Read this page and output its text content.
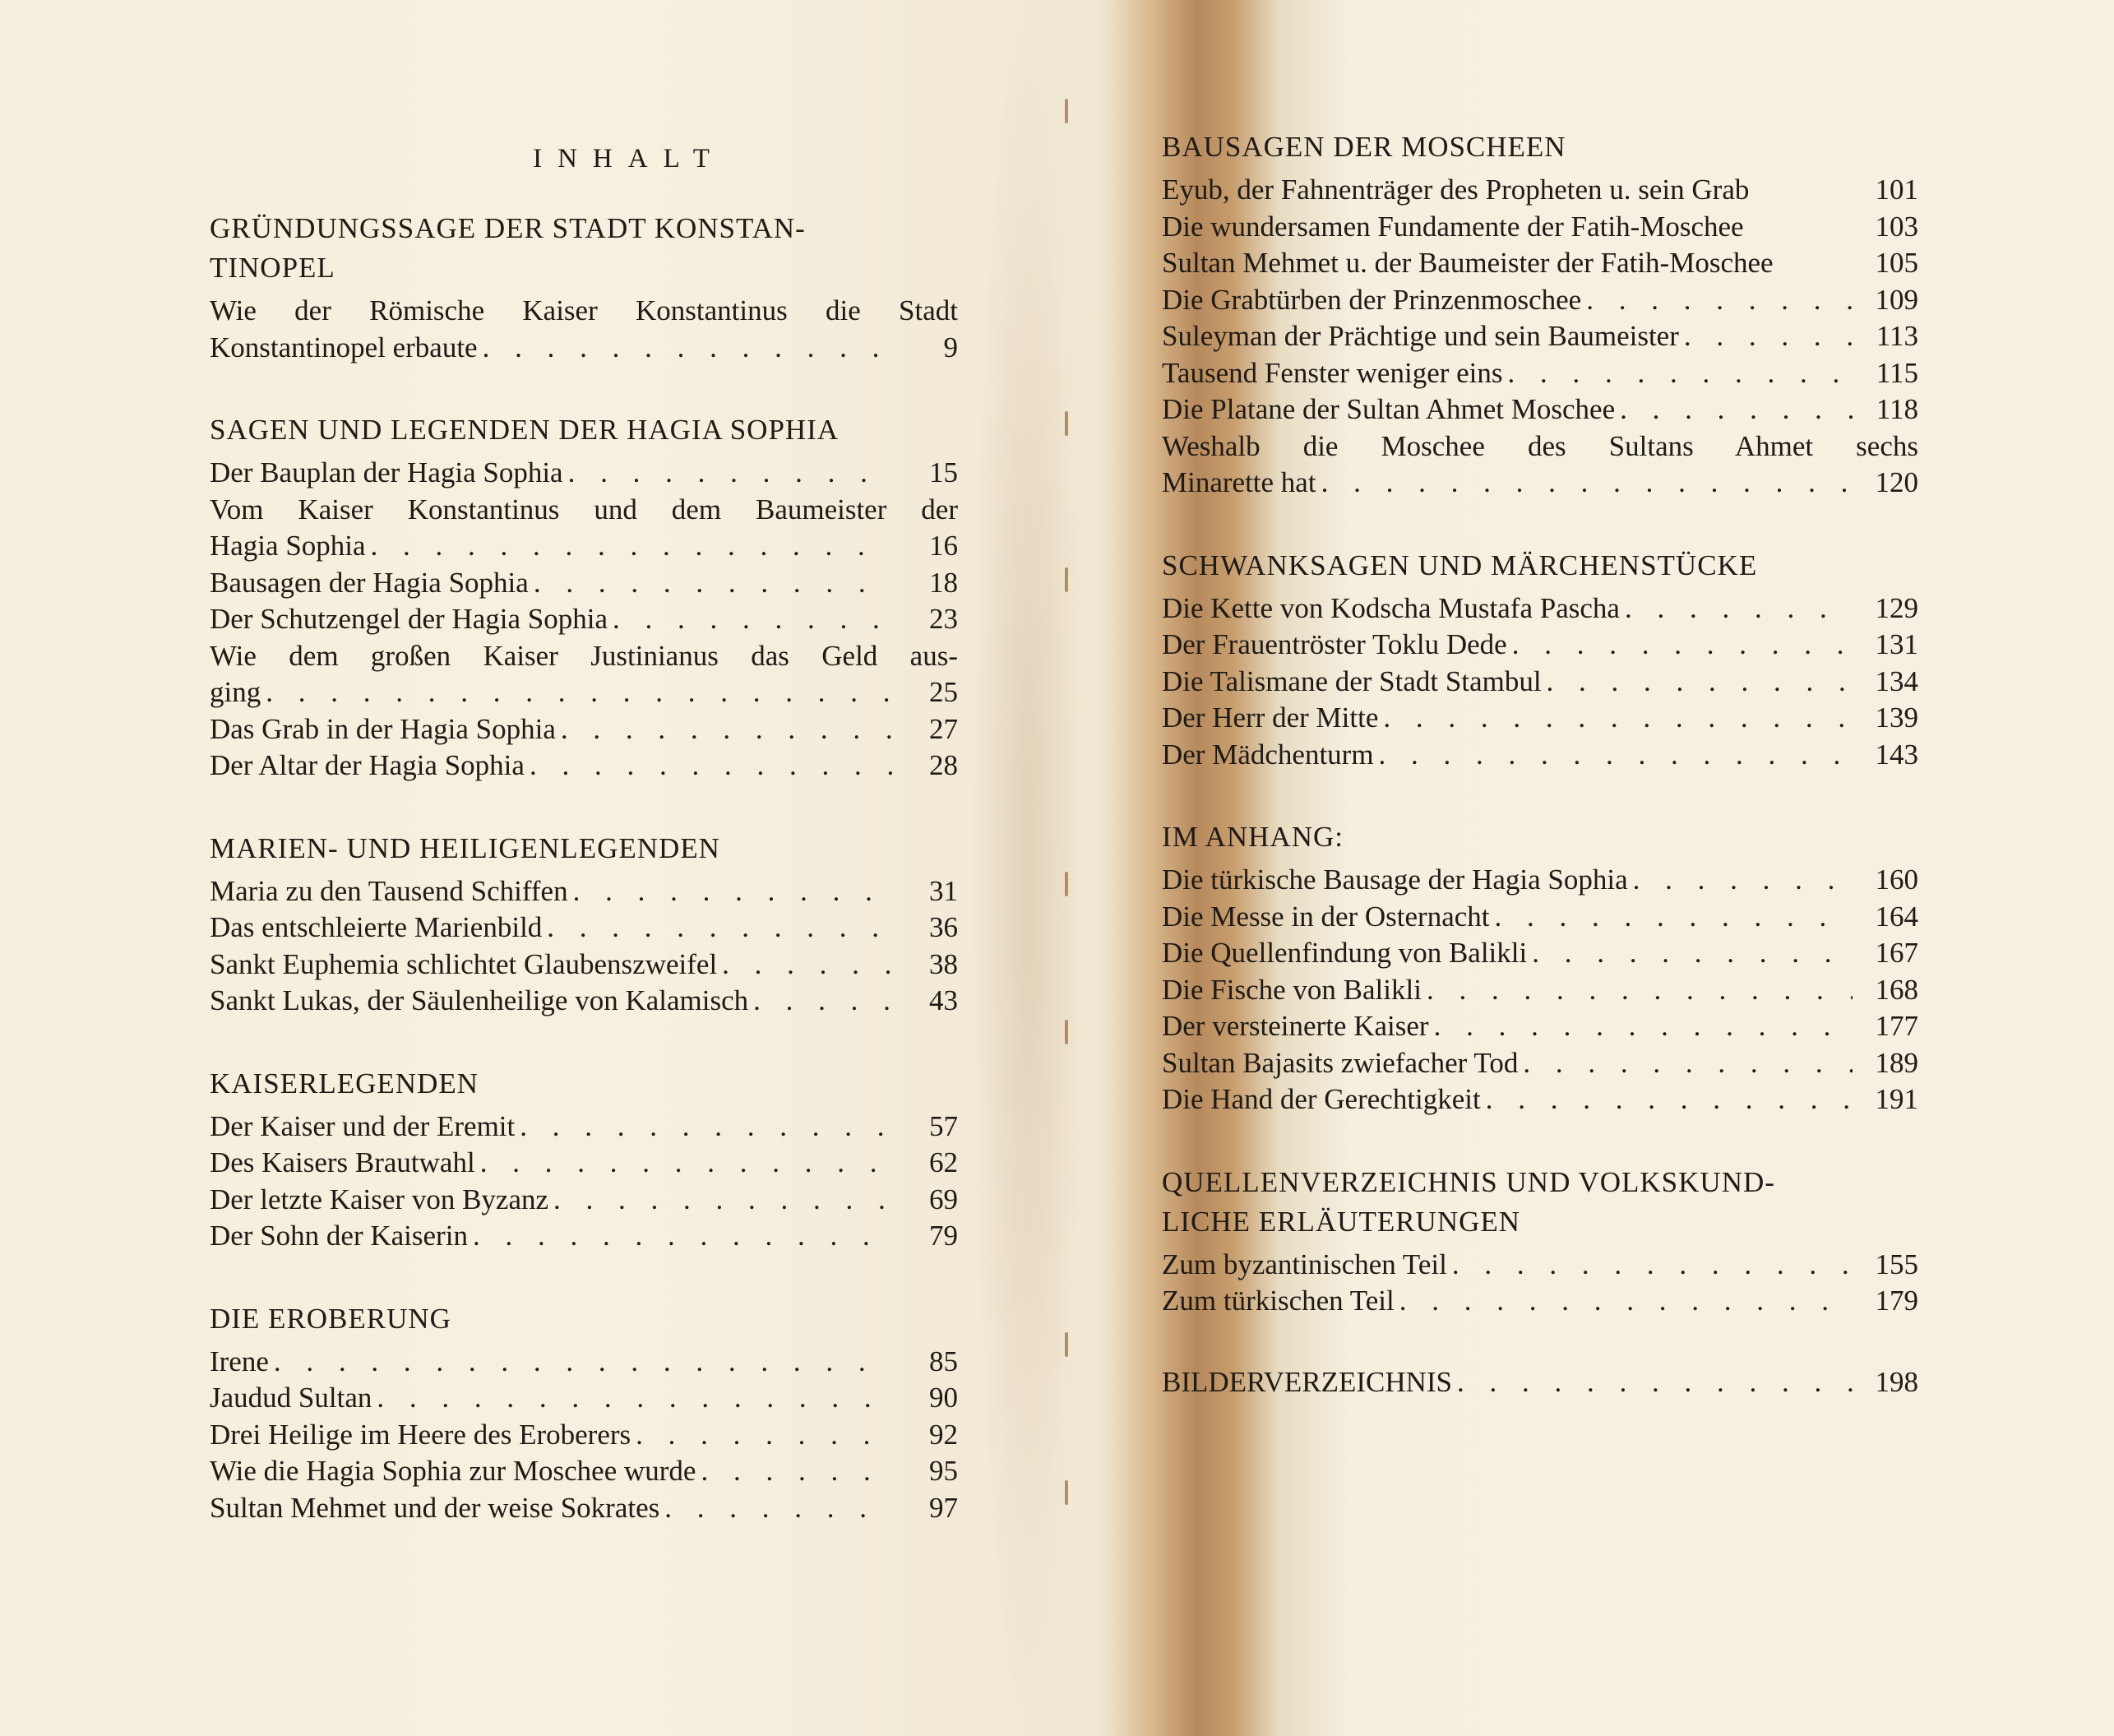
INHALT
GRÜNDUNGSSAGE DER STADT KONSTAN-
TINOPEL
Wie der Römische Kaiser Konstantinus die Stadt
Konstantinopel erbaute . . .	9
SAGEN UND LEGENDEN DER HAGIA SOPHIA
Der Bauplan der Hagia Sophia . . .	15
Vom Kaiser Konstantinus und dem Baumeister der
Hagia Sophia . . .	16
Bausagen der Hagia Sophia . . .	18
Der Schutzengel der Hagia Sophia . . .	23
Wie dem großen Kaiser Justinianus das Geld aus-
ging . . .	25
Das Grab in der Hagia Sophia . . .	27
Der Altar der Hagia Sophia . . .	28
MARIEN- UND HEILIGENLEGENDEN
Maria zu den Tausend Schiffen . . .	31
Das entschleierte Marienbild . . .	36
Sankt Euphemia schlichtet Glaubenszweifel . . .	38
Sankt Lukas, der Säulenheilige von Kalamisch . . .	43
KAISERLEGENDEN
Der Kaiser und der Eremit . . .	57
Des Kaisers Brautwahl . . .	62
Der letzte Kaiser von Byzanz . . .	69
Der Sohn der Kaiserin . . .	79
DIE EROBERUNG
Irene . . .	85
Jaudud Sultan . . .	90
Drei Heilige im Heere des Eroberers . . .	92
Wie die Hagia Sophia zur Moschee wurde . . .	95
Sultan Mehmet und der weise Sokrates . . .	97
BAUSAGEN DER MOSCHEEN
Eyub, der Fahnenträger des Propheten u. sein Grab	101
Die wundersamen Fundamente der Fatih-Moschee	103
Sultan Mehmet u. der Baumeister der Fatih-Moschee	105
Die Grabtürben der Prinzenmoschee . . .	109
Suleyman der Prächtige und sein Baumeister . . .	113
Tausend Fenster weniger eins . . .	115
Die Platane der Sultan Ahmet Moschee . . .	118
Weshalb die Moschee des Sultans Ahmet sechs
Minarette hat . . .	120
SCHWANKSAGEN UND MÄRCHENSTÜCKE
Die Kette von Kodscha Mustafa Pascha . . .	129
Der Frauentröster Toklu Dede . . .	131
Die Talismane der Stadt Stambul . . .	134
Der Herr der Mitte . . .	139
Der Mädchenturm . . .	143
IM ANHANG:
Die türkische Bausage der Hagia Sophia . . .	160
Die Messe in der Osternacht . . .	164
Die Quellenfindung von Balikli . . .	167
Die Fische von Balikli . . .	168
Der versteinerte Kaiser . . .	177
Sultan Bajasits zwiefacher Tod . . .	189
Die Hand der Gerechtigkeit . . .	191
QUELLENVERZEICHNIS UND VOLKSKUND-
LICHE ERLÄUTERUNGEN
Zum byzantinischen Teil . . .	155
Zum türkischen Teil . . .	179
BILDERVERZEICHNIS . . .	198
